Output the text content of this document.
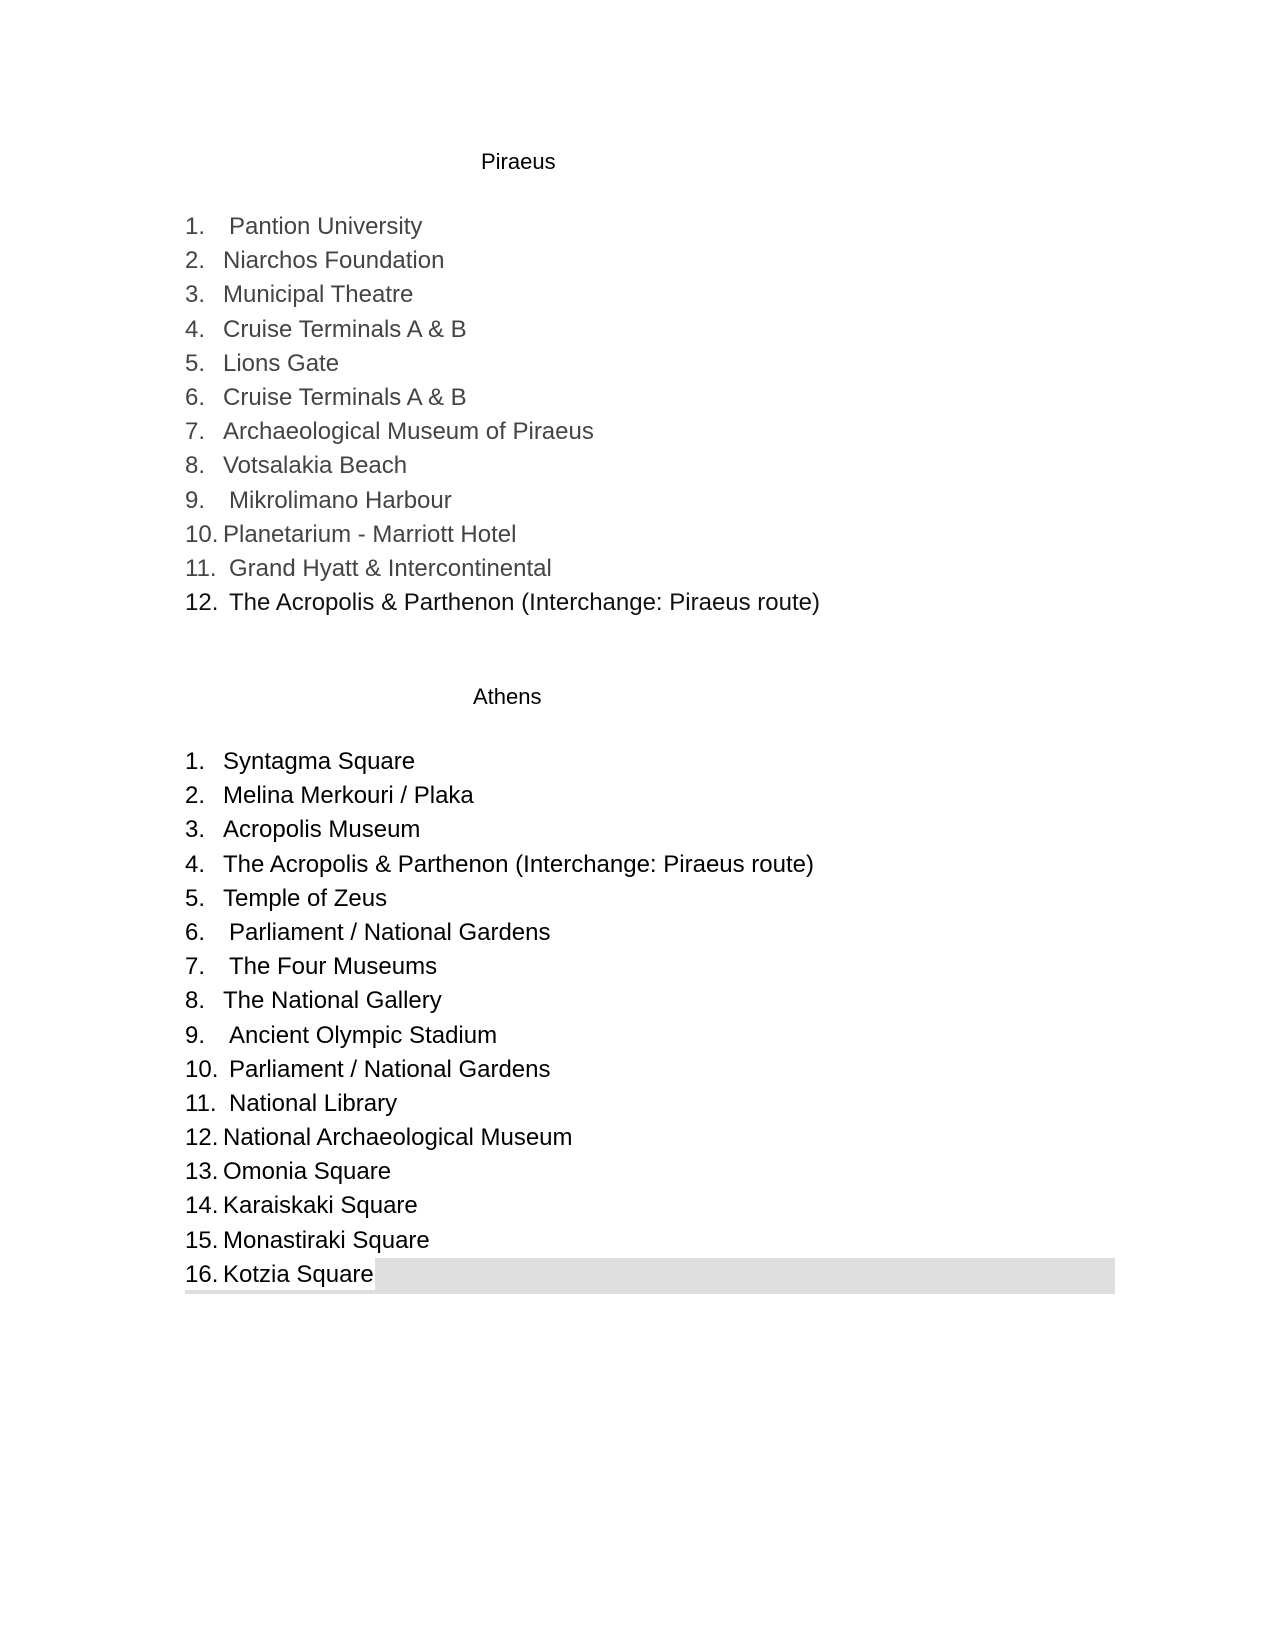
Piraeus
1. Pantion University
2. Niarchos Foundation
3. Municipal Theatre
4. Cruise Terminals A & B
5. Lions Gate
6. Cruise Terminals A & B
7. Archaeological Museum of Piraeus
8. Votsalakia Beach
9. Mikrolimano Harbour
10. Planetarium - Marriott Hotel
11. Grand Hyatt & Intercontinental
12. The Acropolis & Parthenon (Interchange: Piraeus route)
Athens
1. Syntagma Square
2. Melina Merkouri / Plaka
3. Acropolis Museum
4. The Acropolis & Parthenon (Interchange: Piraeus route)
5. Temple of Zeus
6. Parliament / National Gardens
7. The Four Museums
8. The National Gallery
9. Ancient Olympic Stadium
10. Parliament / National Gardens
11. National Library
12. National Archaeological Museum
13. Omonia Square
14. Karaiskaki Square
15. Monastiraki Square
16. Kotzia Square
